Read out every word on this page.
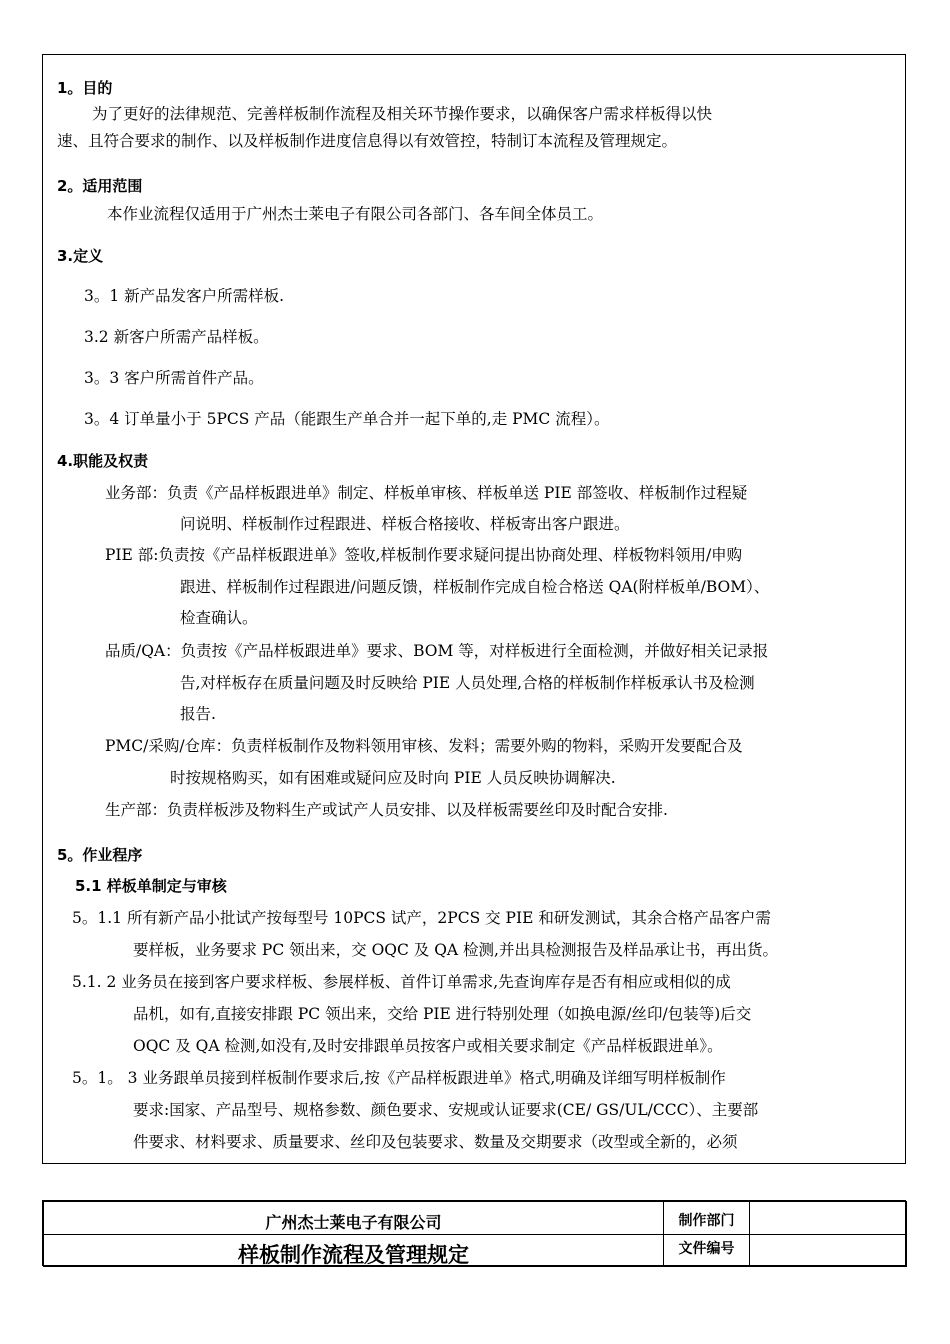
1。目的
为了更好的法律规范、完善样板制作流程及相关环节操作要求，以确保客户需求样板得以快
速、且符合要求的制作、以及样板制作进度信息得以有效管控，特制订本流程及管理规定。
2。适用范围
本作业流程仅适用于广州杰士莱电子有限公司各部门、各车间全体员工。
3.定义
3。1 新产品发客户所需样板.
3.2 新客户所需产品样板。
3。3 客户所需首件产品。
3。4 订单量小于 5PCS 产品（能跟生产单合并一起下单的,走 PMC 流程）。
4.职能及权责
业务部：负责《产品样板跟进单》制定、样板单审核、样板单送 PIE 部签收、样板制作过程疑
问说明、样板制作过程跟进、样板合格接收、样板寄出客户跟进。
PIE 部:负责按《产品样板跟进单》签收,样板制作要求疑问提出协商处理、样板物料领用/申购
跟进、样板制作过程跟进/问题反馈，样板制作完成自检合格送 QA(附样板单/BOM）、
检查确认。
品质/QA：负责按《产品样板跟进单》要求、BOM 等，对样板进行全面检测，并做好相关记录报
告,对样板存在质量问题及时反映给 PIE 人员处理,合格的样板制作样板承认书及检测
报告.
PMC/采购/仓库：负责样板制作及物料领用审核、发料；需要外购的物料，采购开发要配合及
时按规格购买，如有困难或疑问应及时向 PIE 人员反映协调解决.
生产部：负责样板涉及物料生产或试产人员安排、以及样板需要丝印及时配合安排.
5。作业程序
5.1 样板单制定与审核
5。1.1 所有新产品小批试产按每型号 10PCS 试产，2PCS 交 PIE 和研发测试，其余合格产品客户需
要样板，业务要求 PC 领出来，交 OQC 及 QA 检测,并出具检测报告及样品承让书，再出货。
5.1. 2 业务员在接到客户要求样板、参展样板、首件订单需求,先查询库存是否有相应或相似的成
品机，如有,直接安排跟 PC 领出来，交给 PIE 进行特别处理（如换电源/丝印/包装等)后交
OQC 及 QA 检测,如没有,及时安排跟单员按客户或相关要求制定《产品样板跟进单》。
5。1。 3 业务跟单员接到样板制作要求后,按《产品样板跟进单》格式,明确及详细写明样板制作
要求:国家、产品型号、规格参数、颜色要求、安规或认证要求(CE/ GS/UL/CCC）、主要部
件要求、材料要求、质量要求、丝印及包装要求、数量及交期要求（改型或全新的，必须
广州杰士莱电子有限公司
样板制作流程及管理规定
制作部门
文件编号
